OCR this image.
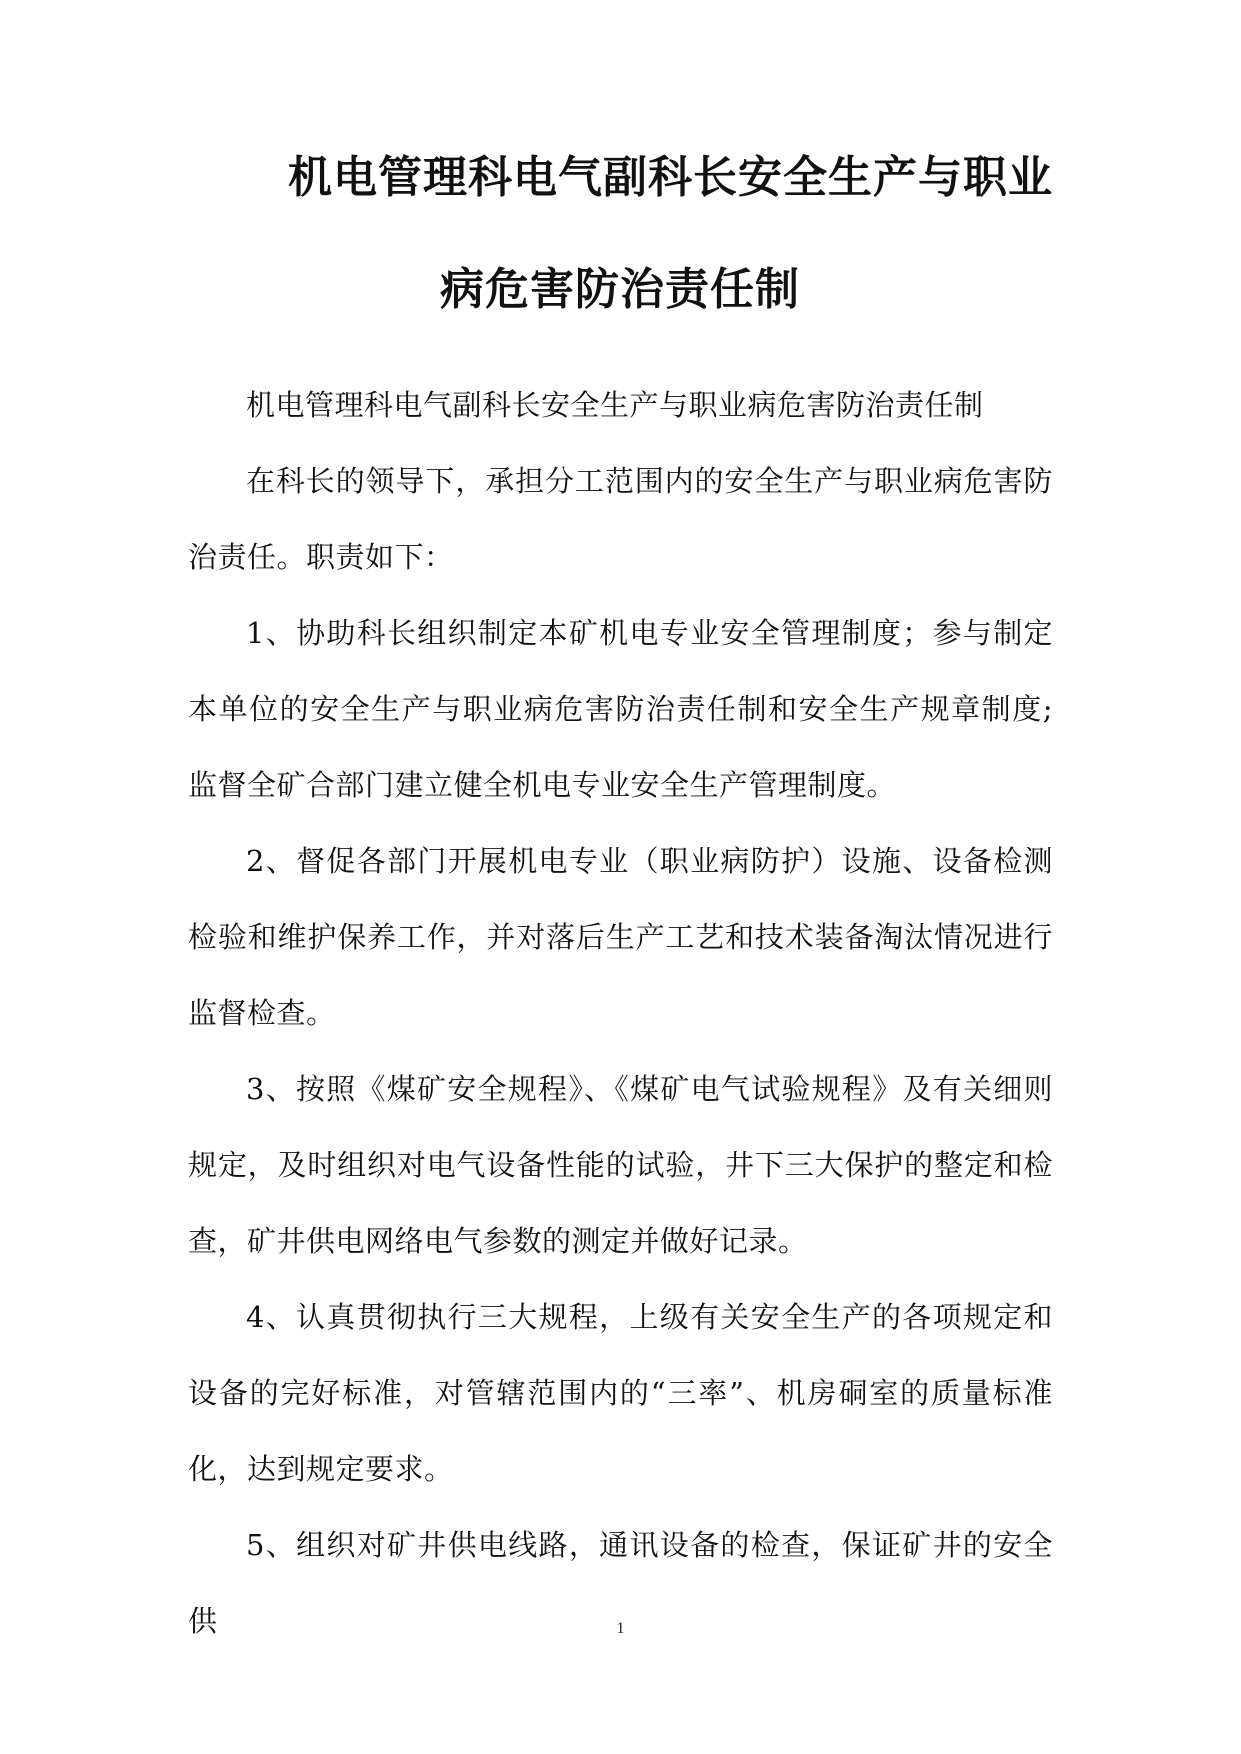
机电管理科电气副科长安全生产与职业
病危害防治责任制

机电管理科电气副科长安全生产与职业病危害防治责任制

在科长的领导下，承担分工范围内的安全生产与职业病危害防治责任。职责如下：

1、协助科长组织制定本矿机电专业安全管理制度；参与制定本单位的安全生产与职业病危害防治责任制和安全生产规章制度;监督全矿合部门建立健全机电专业安全生产管理制度。

2、督促各部门开展机电专业（职业病防护）设施、设备检测检验和维护保养工作，并对落后生产工艺和技术装备淘汰情况进行监督检查。

3、按照《煤矿安全规程》、《煤矿电气试验规程》及有关细则规定，及时组织对电气设备性能的试验，井下三大保护的整定和检查，矿井供电网络电气参数的测定并做好记录。

4、认真贯彻执行三大规程，上级有关安全生产的各项规定和设备的完好标准，对管辖范围内的“三率”、机房硐室的质量标准化，达到规定要求。

5、组织对矿井供电线路，通讯设备的检查，保证矿井的安全供	1
